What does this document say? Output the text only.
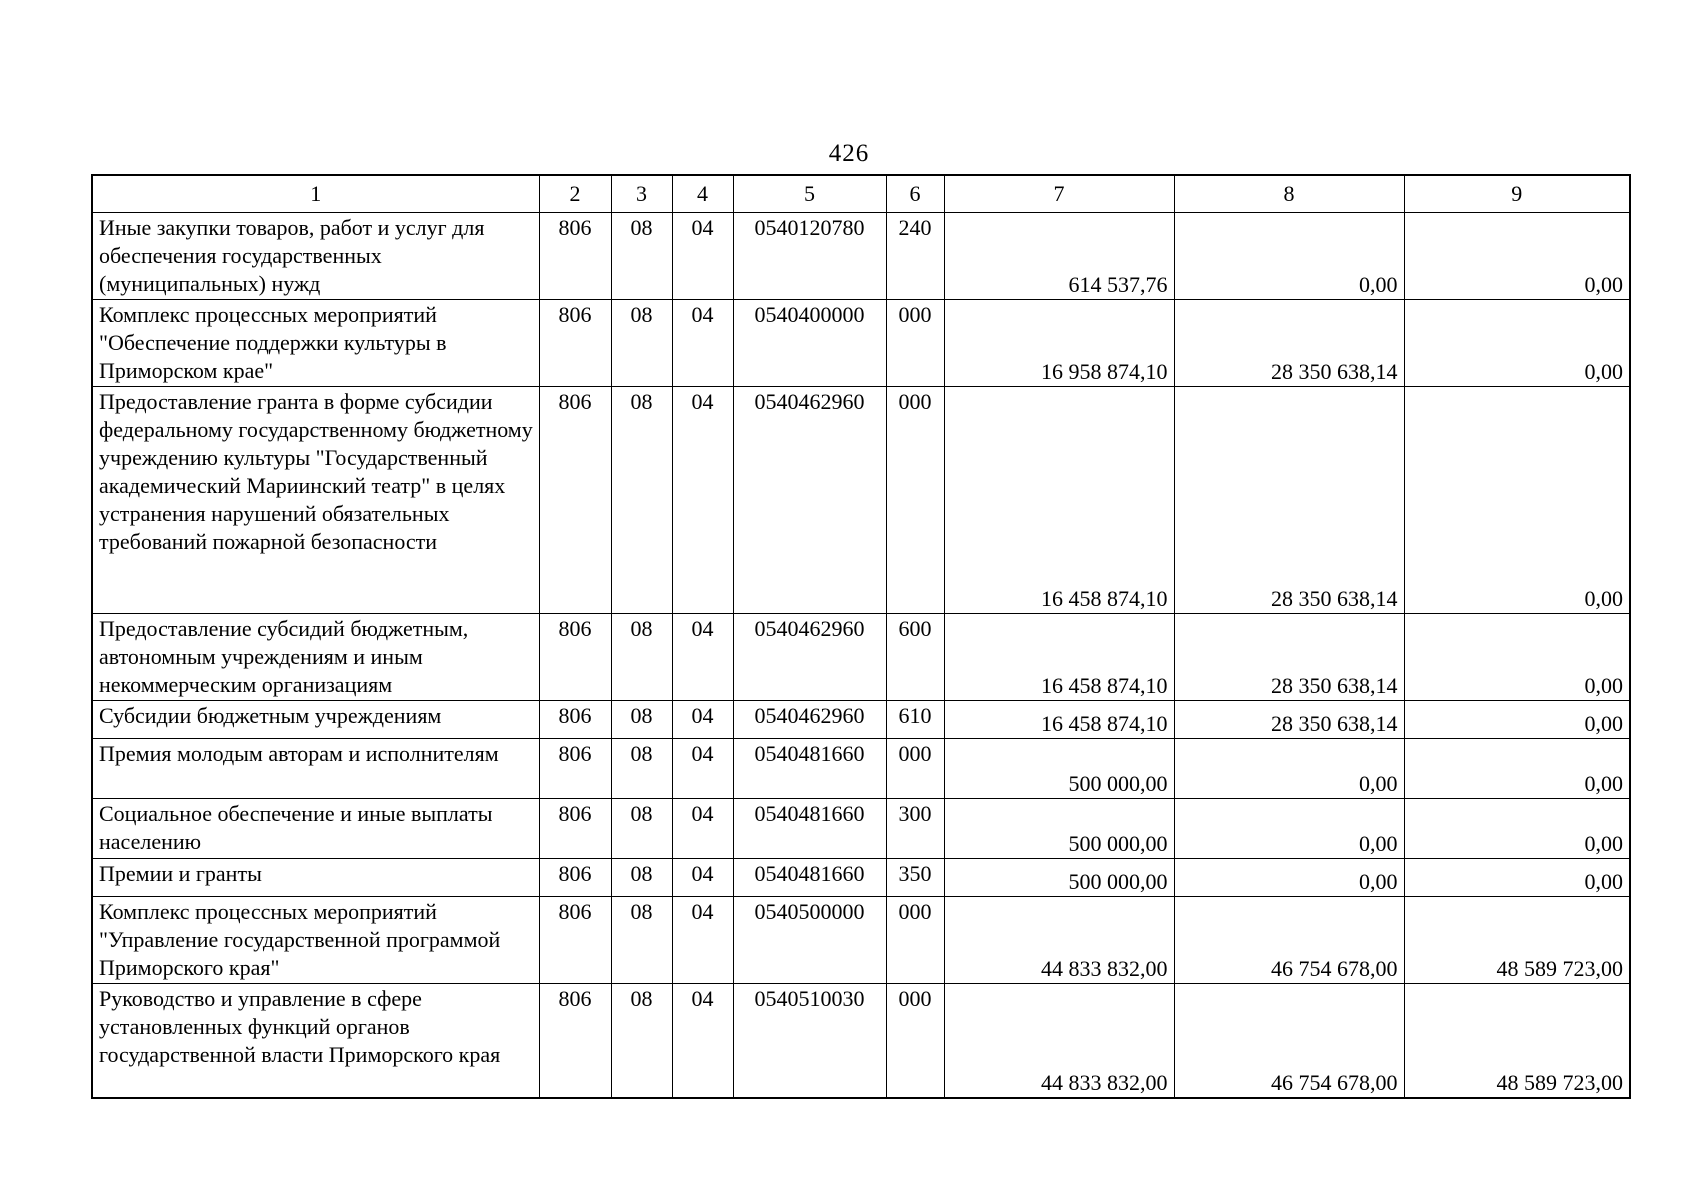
426
1	2	3	4	5	6	7	8	9
Иные закупки товаров, работ и услуг для обеспечения государственных (муниципальных) нужд	806	08	04	0540120780	240	614 537,76	0,00	0,00
Комплекс процессных мероприятий "Обеспечение поддержки культуры в Приморском крае"	806	08	04	0540400000	000	16 958 874,10	28 350 638,14	0,00
Предоставление гранта в форме субсидии федеральному государственному бюджетному учреждению культуры "Государственный академический Мариинский театр" в целях устранения нарушений обязательных требований пожарной безопасности	806	08	04	0540462960	000	16 458 874,10	28 350 638,14	0,00
Предоставление субсидий бюджетным, автономным учреждениям и иным некоммерческим организациям	806	08	04	0540462960	600	16 458 874,10	28 350 638,14	0,00
Субсидии бюджетным учреждениям	806	08	04	0540462960	610	16 458 874,10	28 350 638,14	0,00
Премия молодым авторам и исполнителям	806	08	04	0540481660	000	500 000,00	0,00	0,00
Социальное обеспечение и иные выплаты населению	806	08	04	0540481660	300	500 000,00	0,00	0,00
Премии и гранты	806	08	04	0540481660	350	500 000,00	0,00	0,00
Комплекс процессных мероприятий "Управление государственной программой Приморского края"	806	08	04	0540500000	000	44 833 832,00	46 754 678,00	48 589 723,00
Руководство и управление в сфере установленных функций органов государственной власти Приморского края	806	08	04	0540510030	000	44 833 832,00	46 754 678,00	48 589 723,00
